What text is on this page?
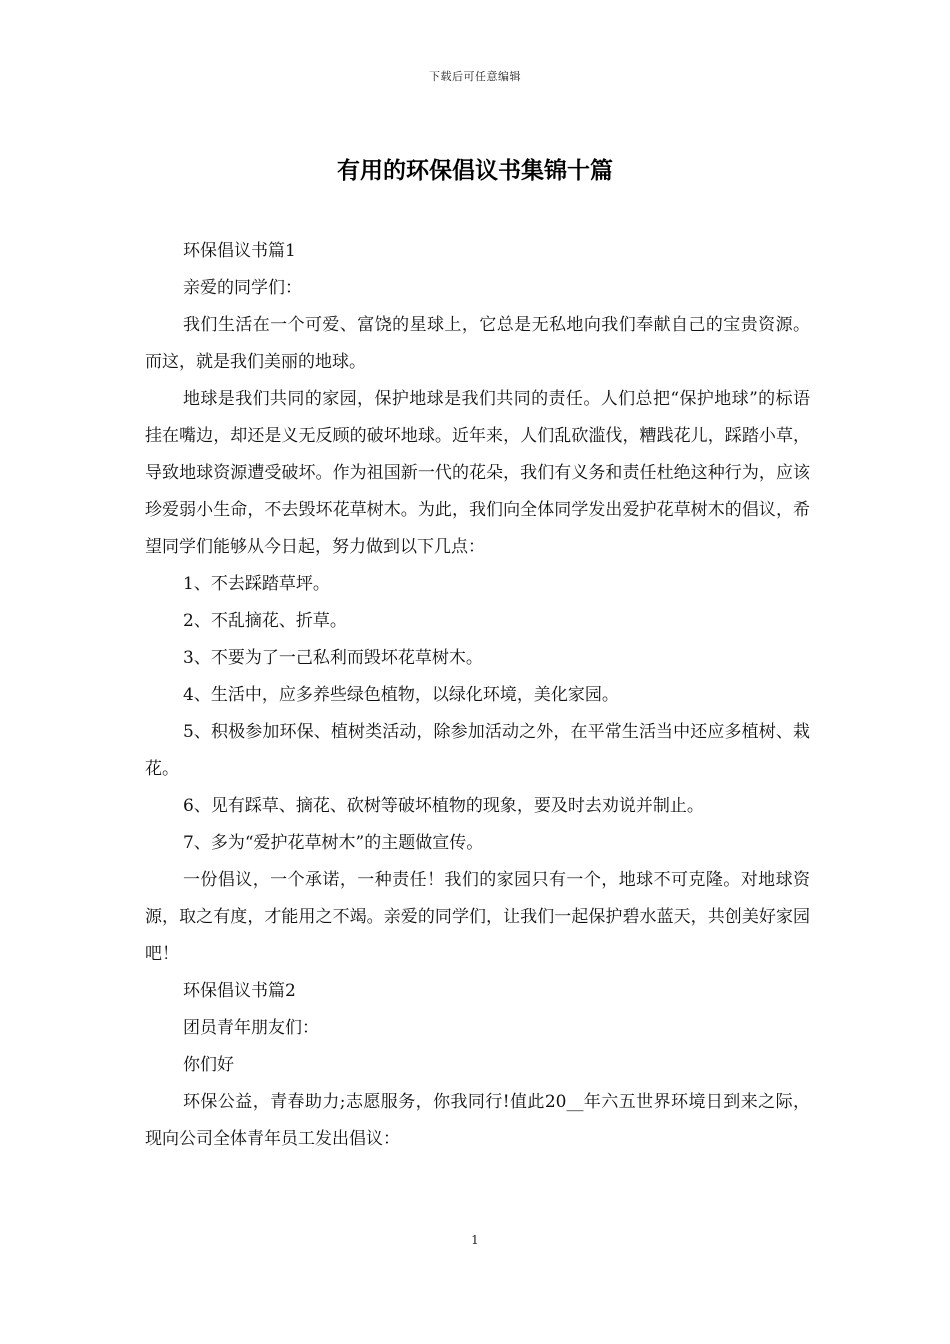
下载后可任意编辑
有用的环保倡议书集锦十篇

环保倡议书篇1

亲爱的同学们：

我们生活在一个可爱、富饶的星球上，它总是无私地向我们奉献自己的宝贵资源。而这，就是我们美丽的地球。

地球是我们共同的家园，保护地球是我们共同的责任。人们总把“保护地球”的标语挂在嘴边，却还是义无反顾的破坏地球。近年来，人们乱砍滥伐，糟践花儿，踩踏小草，导致地球资源遭受破坏。作为祖国新一代的花朵，我们有义务和责任杜绝这种行为，应该珍爱弱小生命，不去毁坏花草树木。为此，我们向全体同学发出爱护花草树木的倡议，希望同学们能够从今日起，努力做到以下几点：

1、不去踩踏草坪。

2、不乱摘花、折草。

3、不要为了一己私利而毁坏花草树木。

4、生活中，应多养些绿色植物，以绿化环境，美化家园。

5、积极参加环保、植树类活动，除参加活动之外，在平常生活当中还应多植树、栽花。

6、见有踩草、摘花、砍树等破坏植物的现象，要及时去劝说并制止。

7、多为“爱护花草树木”的主题做宣传。

一份倡议，一个承诺，一种责任！我们的家园只有一个，地球不可克隆。对地球资源，取之有度，才能用之不竭。亲爱的同学们，让我们一起保护碧水蓝天，共创美好家园吧！

环保倡议书篇2

团员青年朋友们：

你们好

环保公益，青春助力;志愿服务，你我同行!值此20__年六五世界环境日到来之际，现向公司全体青年员工发出倡议：

1
